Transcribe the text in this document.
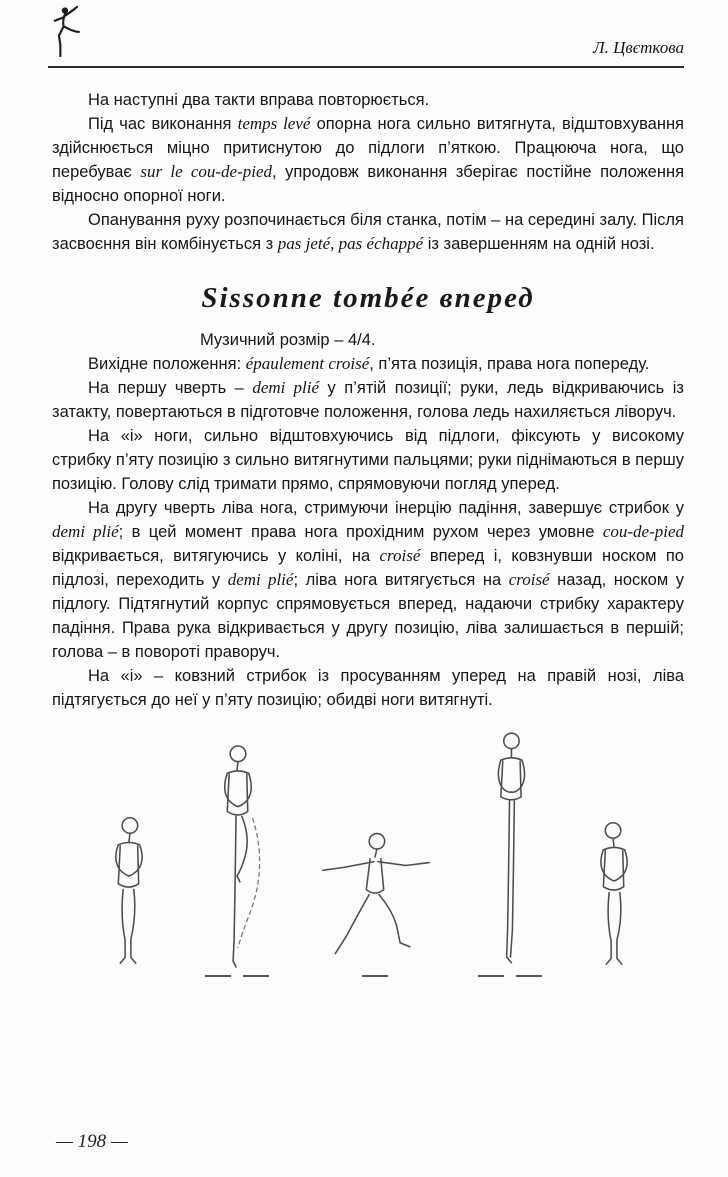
Л. Цвєткова

На наступні два такти вправа повторюється.

Під час виконання temps levé опорна нога сильно витягнута, відштовхування здійснюється міцно притиснутою до підлоги п’яткою. Працююча нога, що перебуває sur le cou-de-pied, упродовж виконання зберігає постійне положення відносно опорної ноги.

Опанування руху розпочинається біля станка, потім – на середині залу. Після засвоєння він комбінується з pas jeté, pas échappé із завершенням на одній нозі.

Sissonne tombée вперед

Музичний розмір – 4/4.

Вихідне положення: épaulement croisé, п’ята позиція, права нога попереду.

На першу чверть – demi plié у п’ятій позиції; руки, ледь відкриваючись із затакту, повертаються в підготовче положення, голова ледь нахиляється ліворуч.

На «і» ноги, сильно відштовхуючись від підлоги, фіксують у високому стрибку п’яту позицію з сильно витягнутими пальцями; руки піднімаються в першу позицію. Голову слід тримати прямо, спрямовуючи погляд уперед.

На другу чверть ліва нога, стримуючи інерцію падіння, завершує стрибок у demi plié; в цей момент права нога прохідним рухом через умовне cou-de-pied відкривається, витягуючись у коліні, на croisé вперед і, ковзнувши носком по підлозі, переходить у demi plié; ліва нога витягується на croisé назад, носком у підлогу. Підтягнутий корпус спрямовується вперед, надаючи стрибку характеру падіння. Права рука відкривається у другу позицію, ліва залишається в першій; голова – в повороті праворуч.

На «і» – ковзний стрибок із просуванням уперед на правій нозі, ліва підтягується до неї у п’яту позицію; обидві ноги витягнуті.

— 198 —
